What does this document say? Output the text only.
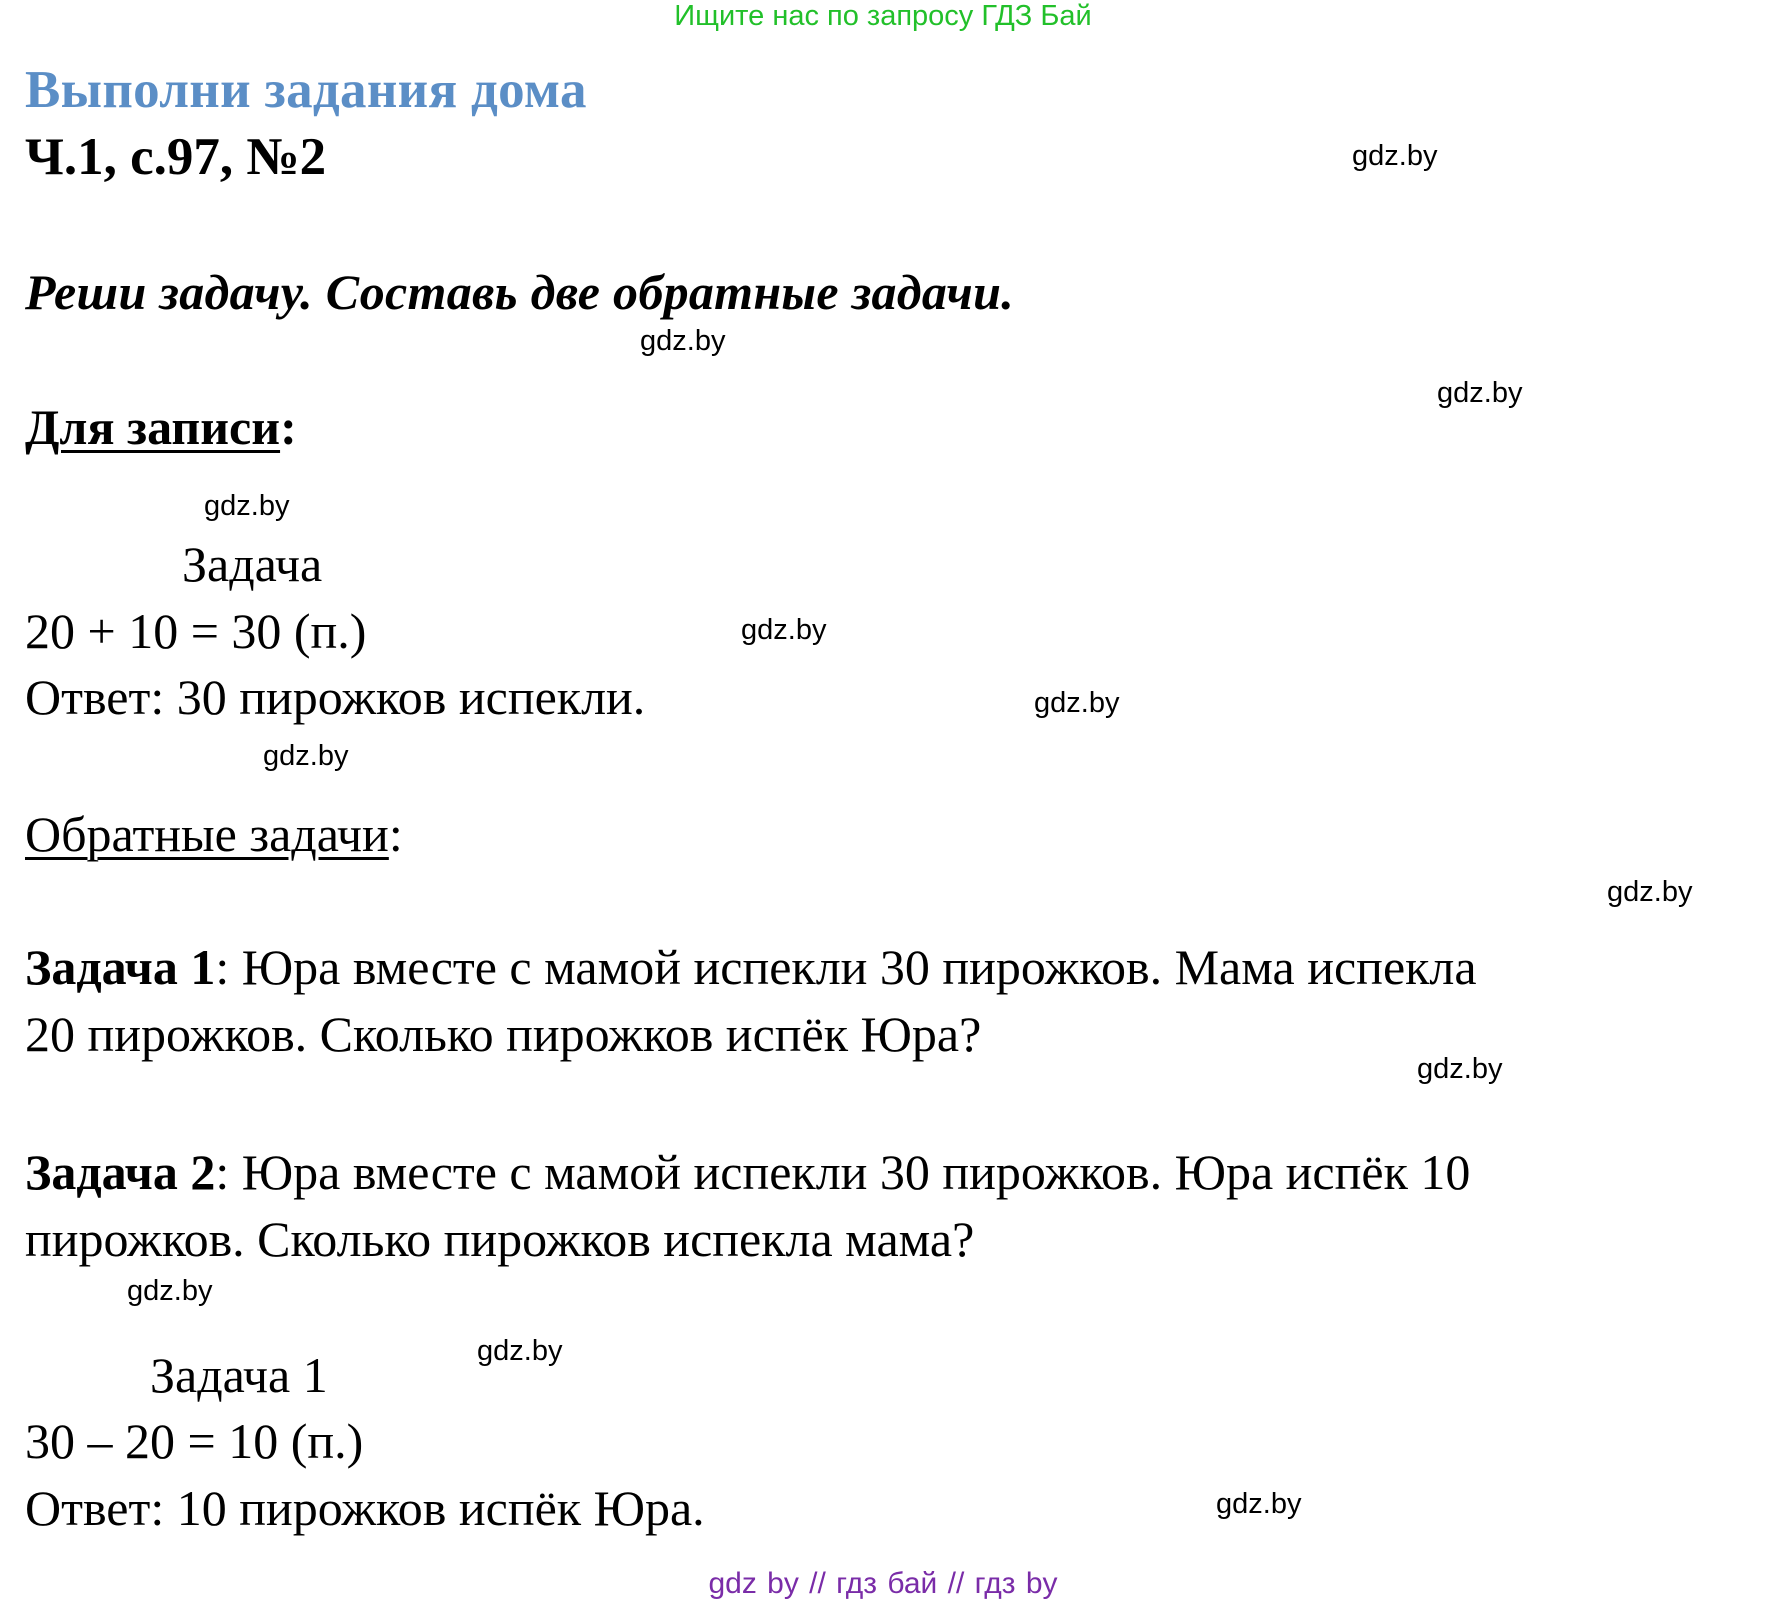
Ищите нас по запросу ГДЗ Бай
Выполни задания дома
Ч.1, с.97, №2
Реши задачу. Составь две обратные задачи.
Для записи:
Задача
20 + 10 = 30 (п.)
Ответ: 30 пирожков испекли.
Обратные задачи:
Задача 1: Юра вместе с мамой испекли 30 пирожков. Мама испекла
20 пирожков. Сколько пирожков испёк Юра?
Задача 2: Юра вместе с мамой испекли 30 пирожков. Юра испёк 10
пирожков. Сколько пирожков испекла мама?
Задача 1
30 – 20 = 10 (п.)
Ответ: 10 пирожков испёк Юра.
gdz.by
gdz.by
gdz.by
gdz.by
gdz.by
gdz.by
gdz.by
gdz.by
gdz.by
gdz.by
gdz.by
gdz.by
gdz by // гдз бай // гдз by
